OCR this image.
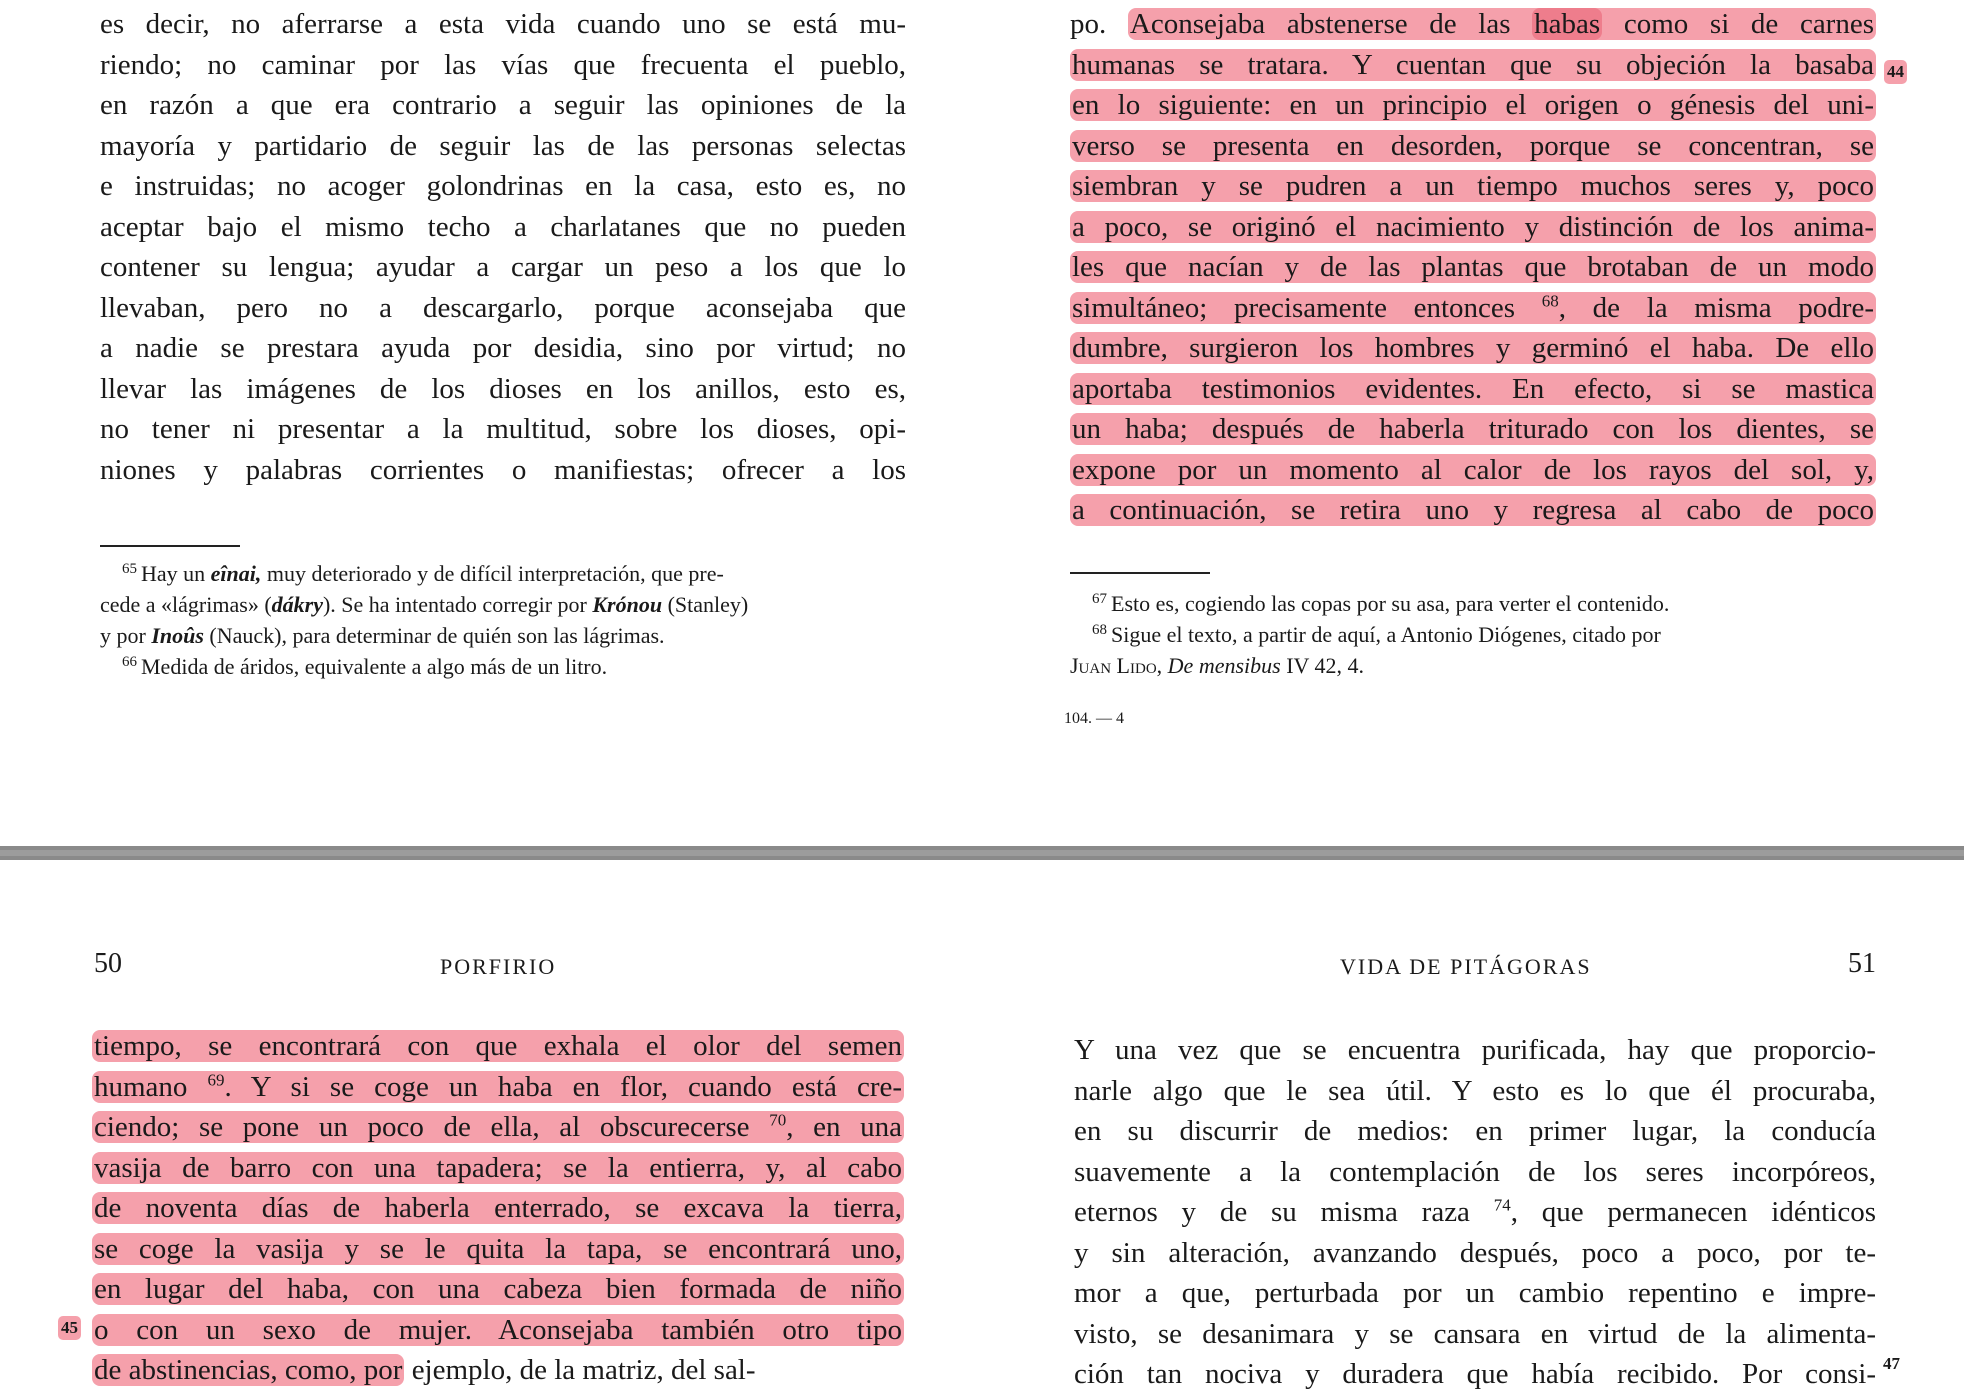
es decir, no aferrarse a esta vida cuando uno se está mu-
riendo; no caminar por las vías que frecuenta el pueblo,
en razón a que era contrario a seguir las opiniones de la
mayoría y partidario de seguir las de las personas selectas
e instruidas; no acoger golondrinas en la casa, esto es, no
aceptar bajo el mismo techo a charlatanes que no pueden
contener su lengua; ayudar a cargar un peso a los que lo
llevaban, pero no a descargarlo, porque aconsejaba que
a nadie se prestara ayuda por desidia, sino por virtud; no
llevar las imágenes de los dioses en los anillos, esto es,
no tener ni presentar a la multitud, sobre los dioses, opi-
niones y palabras corrientes o manifiestas; ofrecer a los
$^{65}$ Hay un eînai, muy deteriorado y de difícil interpretación, que pre-
cede a «lágrimas» (dákry). Se ha intentado corregir por Krónou (Stanley)
y por Inoûs (Nauck), para determinar de quién son las lágrimas.
$^{66}$ Medida de áridos, equivalente a algo más de un litro.
po. Aconsejaba abstenerse de las habas como si de carnes
humanas se tratara. Y cuentan que su objeción la basaba
en lo siguiente: en un principio el origen o génesis del uni-
verso se presenta en desorden, porque se concentran, se
siembran y se pudren a un tiempo muchos seres y, poco
a poco, se originó el nacimiento y distinción de los anima-
les que nacían y de las plantas que brotaban de un modo
simultáneo; precisamente entonces $^{68}$, de la misma podre-
dumbre, surgieron los hombres y germinó el haba. De ello
aportaba testimonios evidentes. En efecto, si se mastica
un haba; después de haberla triturado con los dientes, se
expone por un momento al calor de los rayos del sol, y,
a continuación, se retira uno y regresa al cabo de poco
44
$^{67}$ Esto es, cogiendo las copas por su asa, para verter el contenido.
$^{68}$ Sigue el texto, a partir de aquí, a Antonio Diógenes, citado por
Juan Lido, De mensibus IV 42, 4.
104. — 4
50	PORFIRIO
tiempo, se encontrará con que exhala el olor del semen
humano $^{69}$. Y si se coge un haba en flor, cuando está cre-
ciendo; se pone un poco de ella, al obscurecerse $^{70}$, en una
vasija de barro con una tapadera; se la entierra, y, al cabo
de noventa días de haberla enterrado, se excava la tierra,
se coge la vasija y se le quita la tapa, se encontrará uno,
en lugar del haba, con una cabeza bien formada de niño
o con un sexo de mujer. Aconsejaba también otro tipo
de abstinencias, como, por ejemplo, de la matriz, del sal-
45
VIDA DE PITÁGORAS	51
Y una vez que se encuentra purificada, hay que proporcio-
narle algo que le sea útil. Y esto es lo que él procuraba,
en su discurrir de medios: en primer lugar, la conducía
suavemente a la contemplación de los seres incorpóreos,
eternos y de su misma raza $^{74}$, que permanecen idénticos
y sin alteración, avanzando después, poco a poco, por te-
mor a que, perturbada por un cambio repentino e impre-
visto, se desanimara y se cansara en virtud de la alimenta-
ción tan nociva y duradera que había recibido. Por consi- 47
